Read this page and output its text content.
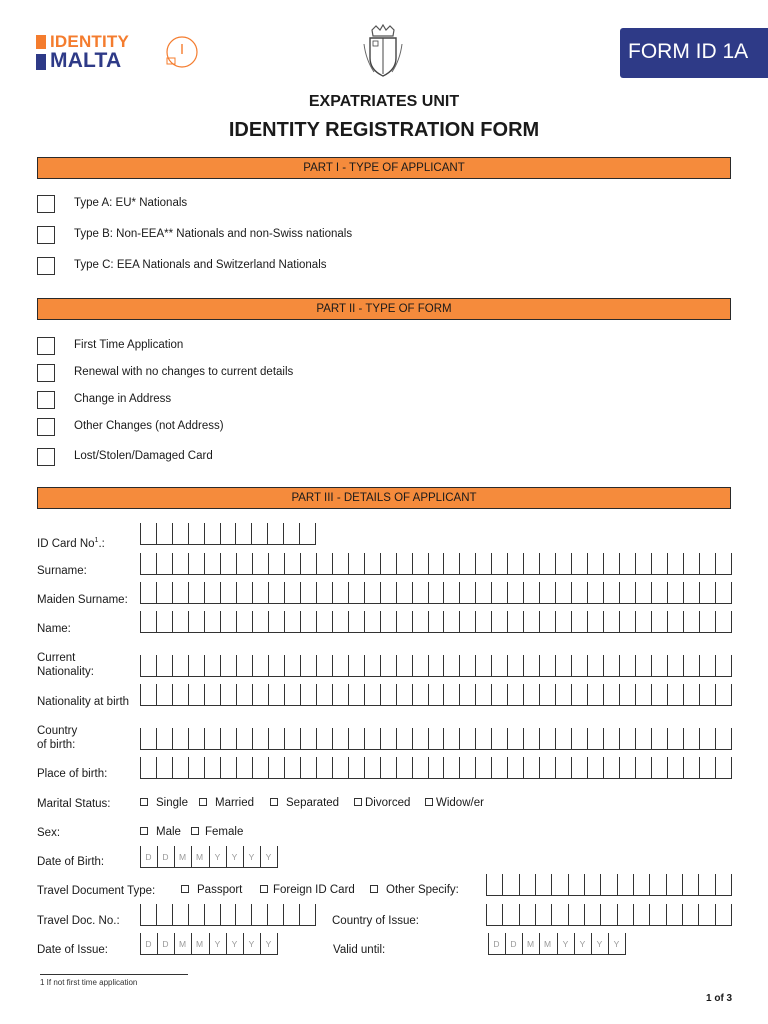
IDENTITY
MALTA	FORM ID 1A
EXPATRIATES UNIT
IDENTITY REGISTRATION FORM
PART I - TYPE OF APPLICANT
Type A: EU* Nationals
Type B: Non-EEA** Nationals and non-Swiss nationals
Type C: EEA Nationals and Switzerland Nationals
PART II - TYPE OF FORM
First Time Application
Renewal with no changes to current details
Change in Address
Other Changes (not Address)
Lost/Stolen/Damaged Card
PART III - DETAILS OF APPLICANT
ID Card No$^1$.:
Surname:
Maiden Surname:
Name:
Current
Nationality:
Nationality at birth
Country
of birth:
Place of birth:
Marital Status:	Single	Married	Separated	Divorced	Widow/er
Sex:	Male	Female
Date of Birth:	D	D	M	M	Y	Y	Y	Y
Travel Document Type:	Passport	Foreign ID Card	Other Specify:
Travel Doc. No.:	Country of Issue:
Date of Issue:	D	D	M	M	Y	Y	Y	Y	Valid until:	D	D	M	M	Y	Y	Y	Y
1 If not first time application
1 of 3
